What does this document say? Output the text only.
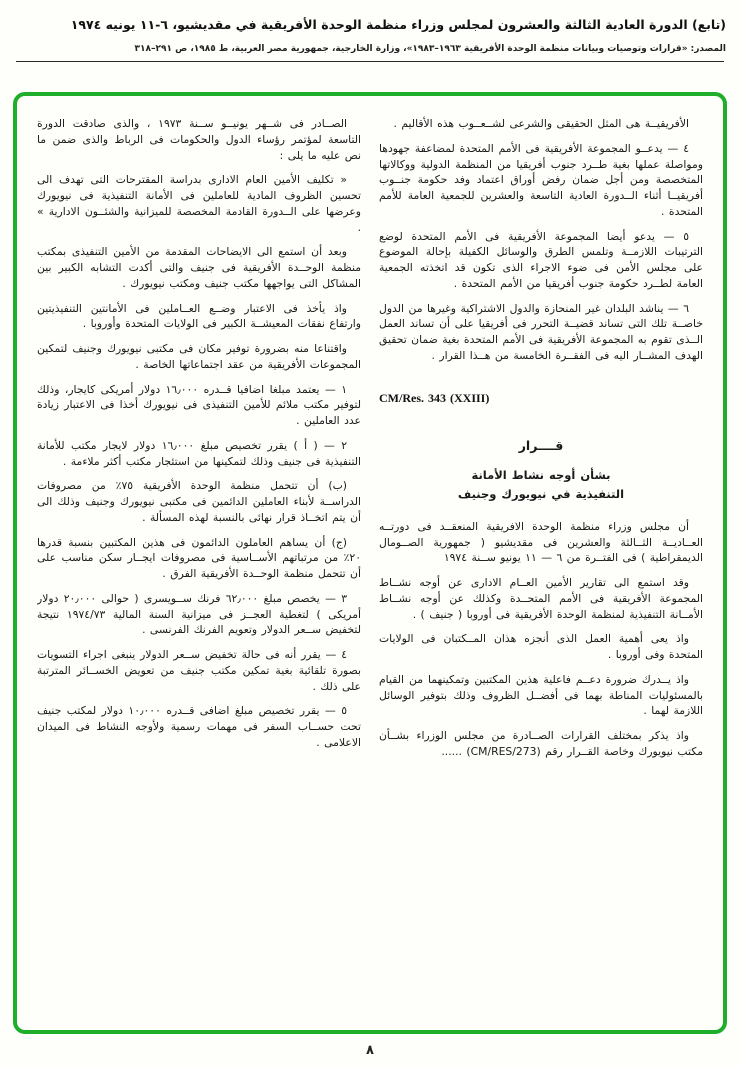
(تابع) الدورة العادية الثالثة والعشرون لمجلس وزراء منظمة الوحدة الأفريقية في مقديشيو، ٦-١١ يونيه ١٩٧٤
المصدر: «قرارات وتوصيات وبيانات منظمة الوحدة الأفريقية ١٩٦٣–١٩٨٣»، وزارة الخارجية، جمهورية مصر العربية، ط ١٩٨٥، ص ٢٩١–٣١٨

الأفريقيــة هى المثل الحقيقى والشرعى لشــعــوب هذه الأقاليم .

٤ — يدعــو المجموعة الأفريقية فى الأمم المتحدة لمضاعفة جهودها ومواصلة عملها بغية طــرد جنوب أفريقيا من المنظمة الدولية ووكالاتها المتخصصة ومن أجل ضمان رفض أوراق اعتماد وفد حكومة جنــوب أفريقيــا أثناء الــدورة العادية التاسعة والعشرين للجمعية العامة للأمم المتحدة .

٥ — يدعو أيضا المجموعة الأفريقية فى الأمم المتحدة لوضع الترتيبات اللازمــة وتلمس الطرق والوسائل الكفيلة بإحالة الموضوع على مجلس الأمن فى ضوء الاجراء الذى تكون قد اتخذته الجمعية العامة لطــرد حكومة جنوب أفريقيا من الأمم المتحدة .

٦ — يناشد البلدان غير المنحازة والدول الاشتراكية وغيرها من الدول خاصــة تلك التى تساند قضيــة التحرر فى أفريقيا على أن تساند العمل الــذى تقوم به المجموعة الأفريقية فى الأمم المتحدة بغية ضمان تحقيق الهدف المشــار اليه فى الفقــرة الخامسة من هــذا القرار .

CM/Res. 343 (XXIII)

قــــرار

بشأن أوجه نشاط الأمانة

التنفيذية في نيويورك وجنيف

أن مجلس وزراء منظمة الوحدة الافريقية المنعقــد فى دورتــه العــاديــة الثــالثة والعشرين فى مقديشيو ( جمهورية الصــومال الديمقراطية ) فى الفتــرة من ٦ — ١١ يونيو ســنة ١٩٧٤

وقد استمع الى تقارير الأمين العــام الادارى عن أوجه نشــاط المجموعة الأفريقية فى الأمم المتحــدة وكذلك عن أوجه نشــاط الأمــانة التنفيذية لمنظمة الوحدة الأفريقية فى أوروبا ( جنيف ) .

واذ يعى أهمية العمل الذى أنجزه هذان المــكتبان فى الولايات المتحدة وفى أوروبا .

واذ يــدرك ضرورة دعــم فاعلية هذين المكتبين وتمكينهما من القيام بالمسئوليات المناطة بهما فى أفضــل الظروف وذلك بتوفير الوسائل اللازمة لهما .

واذ يذكر بمختلف القرارات الصــادرة من مجلس الوزراء بشــأن مكتب نيويورك وخاصة القــرار رقم (CM/RES/273) ......

الصــادر فى شــهر يونيــو ســنة ١٩٧٣ ، والذى صادقت الدورة التاسعة لمؤتمر رؤساء الدول والحكومات فى الرباط والذى ضمن ما نص عليه ما يلى :

« تكليف الأمين العام الادارى بدراسة المقترحات التى تهدف الى تحسين الظروف المادية للعاملين فى الأمانة التنفيذية فى نيويورك وعرضها على الــدورة القادمة المخصصة للميزانية والشئــون الادارية » .

وبعد أن استمع الى الايضاحات المقدمة من الأمين التنفيذى بمكتب منظمة الوحــدة الأفريقية فى جنيف والتى أكدت التشابه الكبير بين المشاكل التى يواجهها مكتب جنيف ومكتب نيويورك .

واذ يأخذ فى الاعتبار وضــع العــاملين فى الأمانتين التنفيذيتين وارتفاع نفقات المعيشــة الكبير فى الولايات المتحدة وأوروبا .

واقتناعا منه بضرورة توفير مكان فى مكتبى نيويورك وجنيف لتمكين المجموعات الأفريقية من عقد اجتماعاتها الخاصة .

١ — يعتمد مبلغا اضافيا قــدره ١٦٫٠٠٠ دولار أمريكى كايجار، وذلك لتوفير مكتب ملائم للأمين التنفيذى فى نيويورك أخذا فى الاعتبار زيادة عدد العاملين .

٢ — ( أ ) يقرر تخصيص مبلغ ١٦٫٠٠٠ دولار لايجار مكتب للأمانة التنفيذية فى جنيف وذلك لتمكينها من استئجار مكتب أكثر ملاءمة .

(ب) أن تتحمل منظمة الوحدة الأفريقية ٧٥٪ من مصروفات الدراســة لأبناء العاملين الدائمين فى مكتبى نيويورك وجنيف وذلك الى أن يتم اتخــاذ قرار نهائى بالنسبة لهذه المسألة .

(ج) أن يساهم العاملون الدائمون فى هذين المكتبين بنسبة قدرها ٢٠٪ من مرتباتهم الأســاسية فى مصروفات ايجــار سكن مناسب على أن تتحمل منظمة الوحــدة الأفريقية الفرق .

٣ — يخصص مبلغ ٦٢٫٠٠٠ فرنك ســويسرى ( حوالى ٢٠٫٠٠٠ دولار أمريكى ) لتغطية العجــز فى ميزانية السنة المالية ١٩٧٤/٧٣ نتيجة لتخفيض ســعر الدولار وتعويم الفرنك الفرنسى .

٤ — يقرر أنه فى حالة تخفيض ســعر الدولار ينبغى اجراء التسويات بصورة تلقائية بغية تمكين مكتب جنيف من تعويض الخســائر المترتبة على ذلك .

٥ — يقرر تخصيص مبلغ اضافى قــدره ١٠٫٠٠٠ دولار لمكتب جنيف تحت حســاب السفر فى مهمات رسمية ولأوجه النشاط فى الميدان الاعلامى .

٨
